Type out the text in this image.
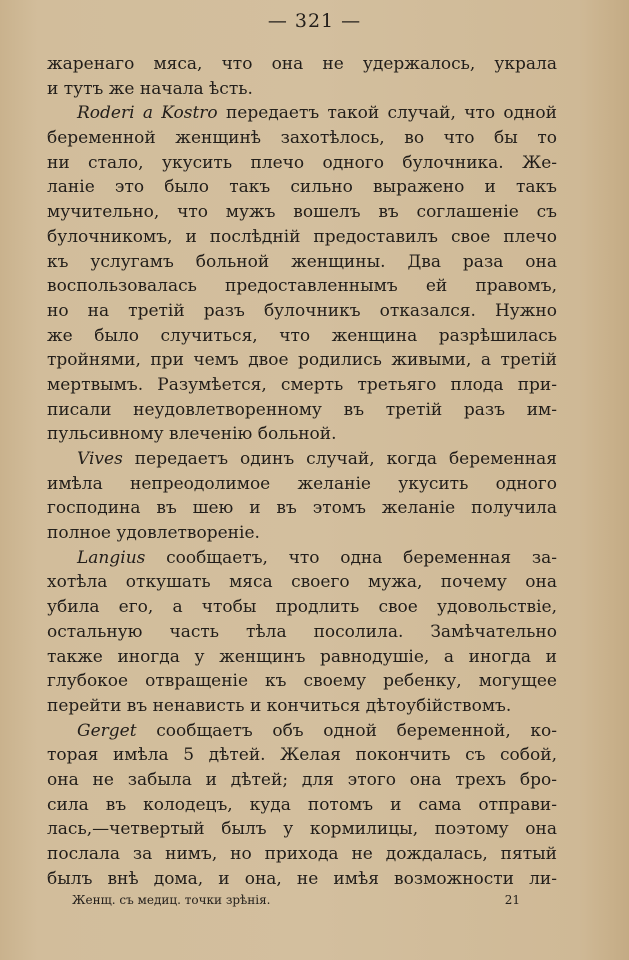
— 321 —
жаренаго мяса, что она не удержалось, украла
и тутъ же начала ѣсть.
Roderi a Kostro передаетъ такой случай, что одной
беременной женщинѣ захотѣлось, во что бы то
ни стало, укусить плечо одного булочника. Же-
ланіе это было такъ сильно выражено и такъ
мучительно, что мужъ вошелъ въ соглашеніе съ
булочникомъ, и послѣдній предоставилъ свое плечо
къ услугамъ больной женщины. Два раза она
воспользовалась предоставленнымъ ей правомъ,
но на третій разъ булочникъ отказался. Нужно
же было случиться, что женщина разрѣшилась
тройнями, при чемъ двое родились живыми, а третій
мертвымъ. Разумѣется, смерть третьяго плода при-
писали неудовлетворенному въ третій разъ им-
пульсивному влеченію больной.
Vives передаетъ одинъ случай, когда беременная
имѣла непреодолимое желаніе укусить одного
господина въ шею и въ этомъ желаніе получила
полное удовлетвореніе.
Langius сообщаетъ, что одна беременная за-
хотѣла откушать мяса своего мужа, почему она
убила его, а чтобы продлить свое удовольствіе,
остальную часть тѣла посолила. Замѣчательно
также иногда у женщинъ равнодушіе, а иногда и
глубокое отвращеніе къ своему ребенку, могущее
перейти въ ненависть и кончиться дѣтоубійствомъ.
Gerget сообщаетъ объ одной беременной, ко-
торая имѣла 5 дѣтей. Желая покончить съ собой,
она не забыла и дѣтей; для этого она трехъ бро-
сила въ колодецъ, куда потомъ и сама отправи-
лась,—четвертый былъ у кормилицы, поэтому она
послала за нимъ, но прихода не дождалась, пятый
былъ внѣ дома, и она, не имѣя возможности ли-
Женщ. съ медиц. точки зрѣнія.	21
